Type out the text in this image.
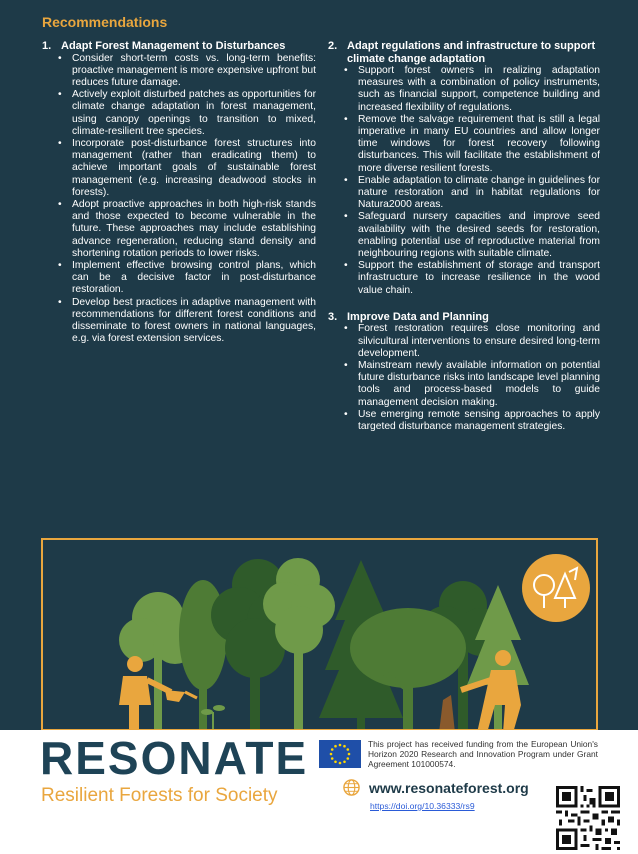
Recommendations
1. Adapt Forest Management to Disturbances
• Consider short-term costs vs. long-term benefits: proactive management is more expensive upfront but reduces future damage.
• Actively exploit disturbed patches as opportunities for climate change adaptation in forest management, using canopy openings to transition to mixed, climate-resilient tree species.
• Incorporate post-disturbance forest structures into management (rather than eradicating them) to achieve important goals of sustainable forest management (e.g. increasing deadwood stocks in forests).
• Adopt proactive approaches in both high-risk stands and those expected to become vulnerable in the future. These approaches may include establishing advance regeneration, reducing stand density and shortening rotation periods to lower risks.
• Implement effective browsing control plans, which can be a decisive factor in post-disturbance restoration.
• Develop best practices in adaptive management with recommendations for different forest conditions and disseminate to forest owners in national languages, e.g. via forest extension services.
2. Adapt regulations and infrastructure to support climate change adaptation
• Support forest owners in realizing adaptation measures with a combination of policy instruments, such as financial support, competence building and increased flexibility of regulations.
• Remove the salvage requirement that is still a legal imperative in many EU countries and allow longer time windows for forest recovery following disturbances. This will facilitate the establishment of more diverse resilient forests.
• Enable adaptation to climate change in guidelines for nature restoration and in habitat regulations for Natura2000 areas.
• Safeguard nursery capacities and improve seed availability with the desired seeds for restoration, enabling potential use of reproductive material from neighbouring regions with suitable climate.
• Support the establishment of storage and transport infrastructure to increase resilience in the wood value chain.
3. Improve Data and Planning
• Forest restoration requires close monitoring and silvicultural interventions to ensure desired long-term development.
• Mainstream newly available information on potential future disturbance risks into landscape level planning tools and process-based models to guide management decision making.
• Use emerging remote sensing approaches to apply targeted disturbance management strategies.
RESONATE
Resilient Forests for Society
This project has received funding from the European Union's Horizon 2020 Research and Innovation Program under Grant Agreement 101000574.
www.resonateforest.org
https://doi.org/10.36333/rs9
